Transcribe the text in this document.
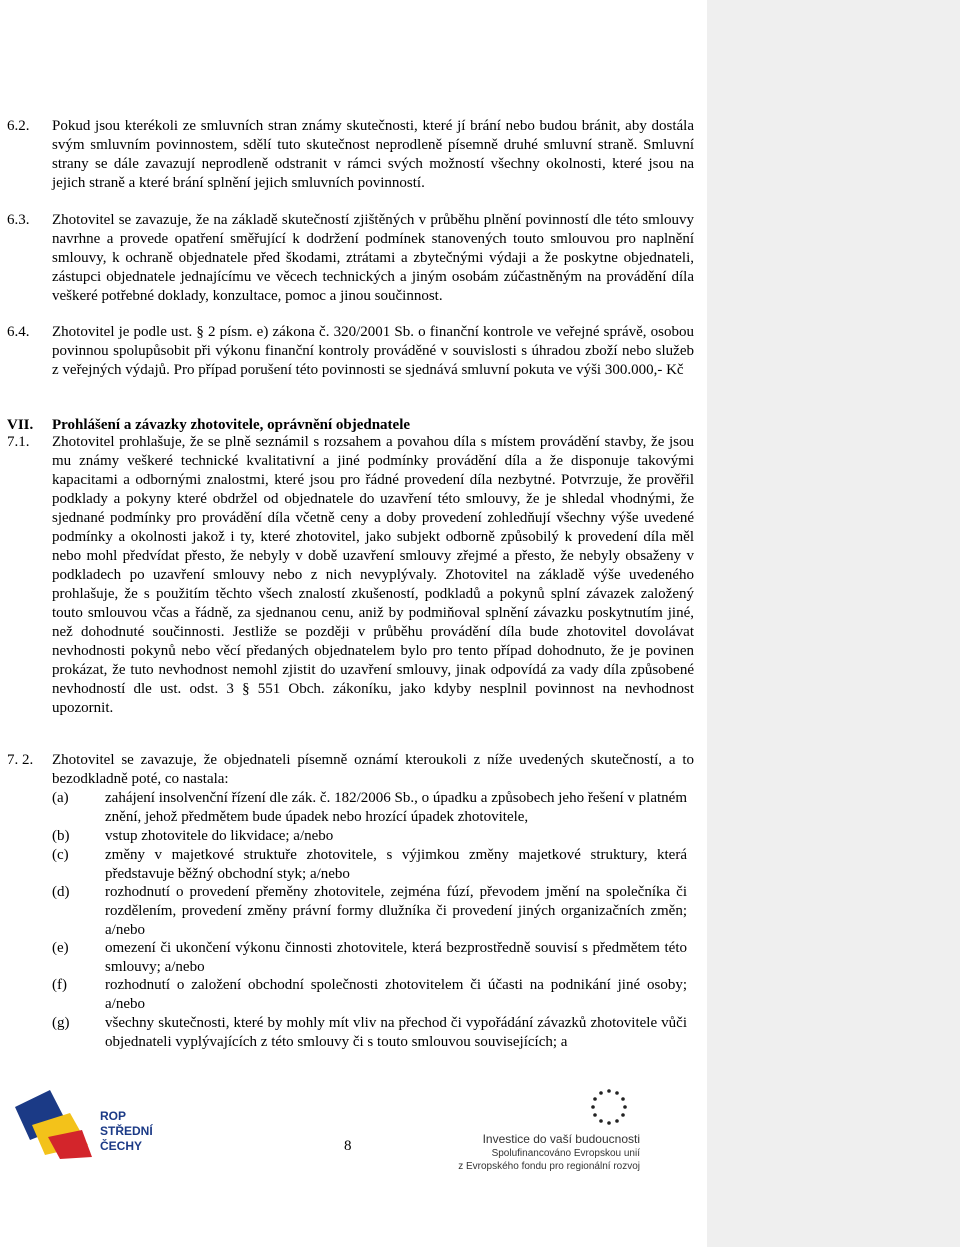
6.2. Pokud jsou kterékoli ze smluvních stran známy skutečnosti, které jí brání nebo budou bránit, aby dostála svým smluvním povinnostem, sdělí tuto skutečnost neprodleně písemně druhé smluvní straně. Smluvní strany se dále zavazují neprodleně odstranit v rámci svých možností všechny okolnosti, které jsou na jejich straně a které brání splnění jejich smluvních povinností.
6.3. Zhotovitel se zavazuje, že na základě skutečností zjištěných v průběhu plnění povinností dle této smlouvy navrhne a provede opatření směřující k dodržení podmínek stanovených touto smlouvou pro naplnění smlouvy, k ochraně objednatele před škodami, ztrátami a zbytečnými výdaji a že poskytne objednateli, zástupci objednatele jednajícímu ve věcech technických a jiným osobám zúčastněným na provádění díla veškeré potřebné doklady, konzultace, pomoc a jinou součinnost.
6.4. Zhotovitel je podle ust. § 2 písm. e) zákona č. 320/2001 Sb. o finanční kontrole ve veřejné správě, osobou povinnou spolupůsobit při výkonu finanční kontroly prováděné v souvislosti s úhradou zboží nebo služeb z veřejných výdajů. Pro případ porušení této povinnosti se sjednává smluvní pokuta ve výši 300.000,- Kč
VII. Prohlášení a závazky zhotovitele, oprávnění objednatele
7.1. Zhotovitel prohlašuje, že se plně seznámil s rozsahem a povahou díla s místem provádění stavby, že jsou mu známy veškeré technické kvalitativní a jiné podmínky provádění díla a že disponuje takovými kapacitami a odbornými znalostmi, které jsou pro řádné provedení díla nezbytné. Potvrzuje, že prověřil podklady a pokyny které obdržel od objednatele do uzavření této smlouvy, že je shledal vhodnými, že sjednané podmínky pro provádění díla včetně ceny a doby provedení zohledňují všechny výše uvedené podmínky a okolnosti jakož i ty, které zhotovitel, jako subjekt odborně způsobilý k provedení díla měl nebo mohl předvídat přesto, že nebyly v době uzavření smlouvy zřejmé a přesto, že nebyly obsaženy v podkladech po uzavření smlouvy nebo z nich nevyplývaly. Zhotovitel na základě výše uvedeného prohlašuje, že s použitím těchto všech znalostí zkušeností, podkladů a pokynů splní závazek založený touto smlouvou včas a řádně, za sjednanou cenu, aniž by podmiňoval splnění závazku poskytnutím jiné, než dohodnuté součinnosti. Jestliže se později v průběhu provádění díla bude zhotovitel dovolávat nevhodnosti pokynů nebo věcí předaných objednatelem bylo pro tento případ dohodnuto, že je povinen prokázat, že tuto nevhodnost nemohl zjistit do uzavření smlouvy, jinak odpovídá za vady díla způsobené nevhodností dle ust. odst. 3 § 551 Obch. zákoníku, jako kdyby nesplnil povinnost na nevhodnost upozornit.
7. 2. Zhotovitel se zavazuje, že objednateli písemně oznámí kteroukoli z níže uvedených skutečností, a to bezodkladně poté, co nastala:
(a) zahájení insolvenční řízení dle zák. č. 182/2006 Sb., o úpadku a způsobech jeho řešení v platném znění, jehož předmětem bude úpadek nebo hrozící úpadek zhotovitele,
(b) vstup zhotovitele do likvidace; a/nebo
(c) změny v majetkové struktuře zhotovitele, s výjimkou změny majetkové struktury, která představuje běžný obchodní styk; a/nebo
(d) rozhodnutí o provedení přeměny zhotovitele, zejména fúzí, převodem jmění na společníka či rozdělením, provedení změny právní formy dlužníka či provedení jiných organizačních změn; a/nebo
(e) omezení či ukončení výkonu činnosti zhotovitele, která bezprostředně souvisí s předmětem této smlouvy; a/nebo
(f)	rozhodnutí o založení obchodní společnosti zhotovitelem či účasti na podnikání jiné osoby; a/nebo
(g) všechny skutečnosti, které by mohly mít vliv na přechod či vypořádání závazků zhotovitele vůči objednateli vyplývajících z této smlouvy či s touto smlouvou souvisejících; a
ROP
STŘEDNÍ
ČECHY	8	Investice do vaší budoucnosti
Spolufinancováno Evropskou unií
z Evropského fondu pro regionální rozvoj
